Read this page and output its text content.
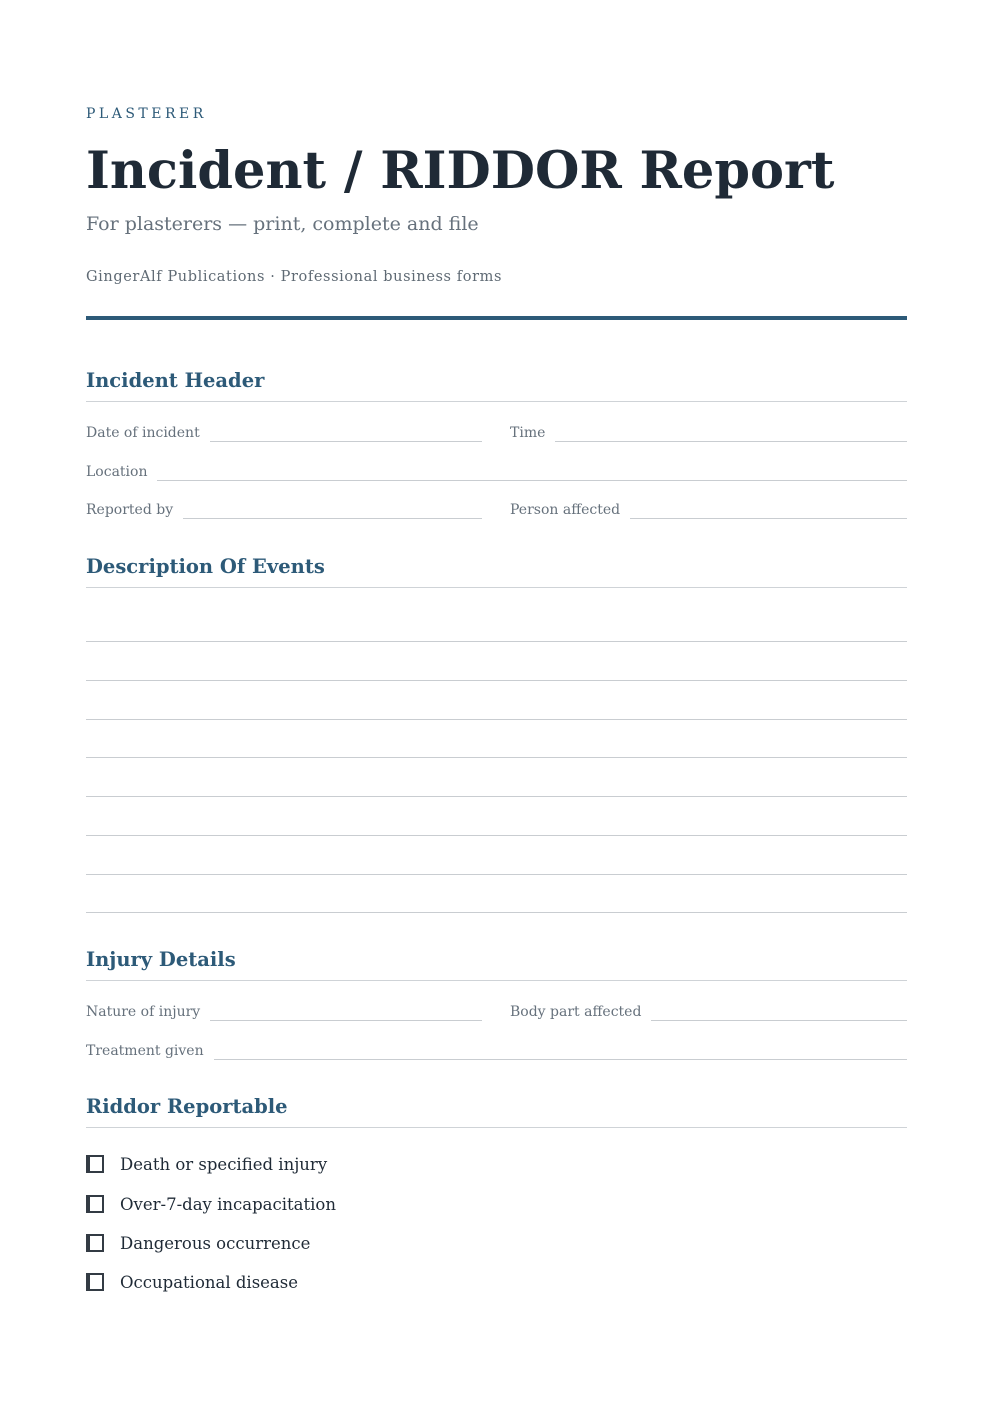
PLASTERER
Incident / RIDDOR Report
For plasterers — print, complete and file
GingerAlf Publications · Professional business forms
Incident Header
Date of incident	Time
Location
Reported by	Person affected
Description Of Events
Injury Details
Nature of injury	Body part affected
Treatment given
Riddor Reportable
Death or specified injury
Over-7-day incapacitation
Dangerous occurrence
Occupational disease
